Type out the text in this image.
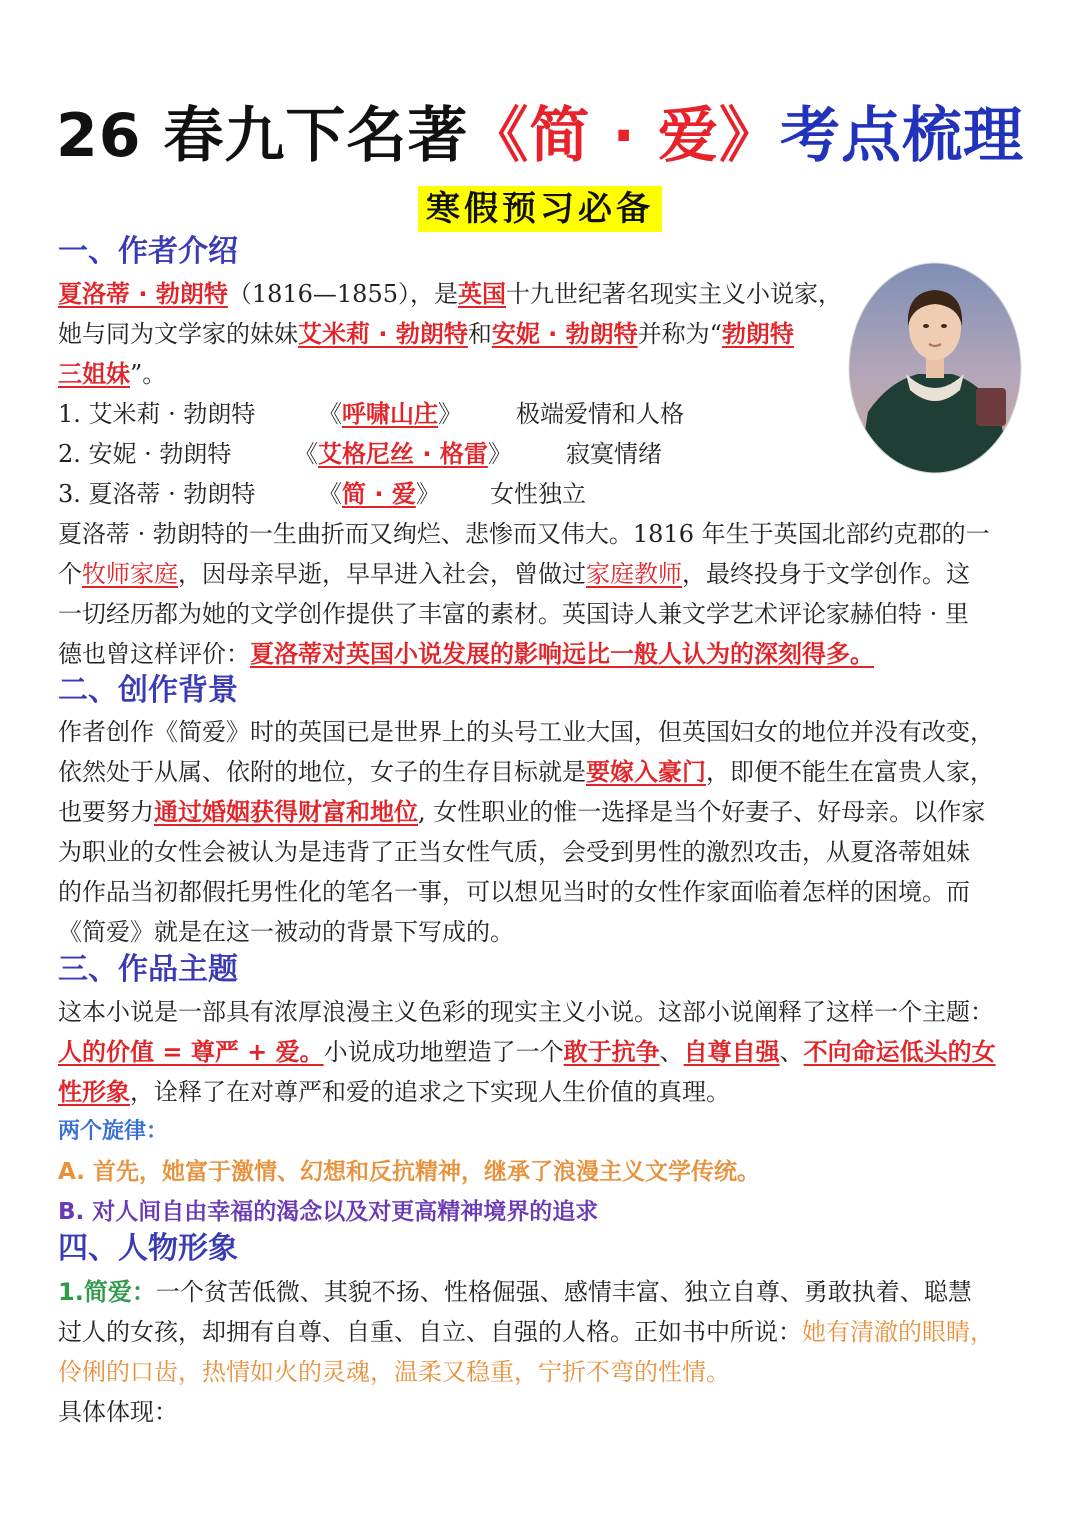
26 春九下名著《简 · 爱》考点梳理
寒假预习必备
一、作者介绍
夏洛蒂 · 勃朗特（1816—1855），是英国十九世纪著名现实主义小说家，
她与同为文学家的妹妹艾米莉 · 勃朗特和安妮 · 勃朗特并称为“勃朗特
三姐妹”。
1. 艾米莉 · 勃朗特	《呼啸山庄》 极端爱情和人格
2. 安妮 · 勃朗特	《艾格尼丝 · 格雷》 寂寞情绪
3. 夏洛蒂 · 勃朗特	《简 · 爱》 女性独立
夏洛蒂 · 勃朗特的一生曲折而又绚烂、悲惨而又伟大。1816 年生于英国北部约克郡的一
个牧师家庭，因母亲早逝，早早进入社会，曾做过家庭教师，最终投身于文学创作。这
一切经历都为她的文学创作提供了丰富的素材。英国诗人兼文学艺术评论家赫伯特 · 里
德也曾这样评价：夏洛蒂对英国小说发展的影响远比一般人认为的深刻得多。
二、创作背景
作者创作《简爱》时的英国已是世界上的头号工业大国，但英国妇女的地位并没有改变，
依然处于从属、依附的地位，女子的生存目标就是要嫁入豪门，即便不能生在富贵人家，
也要努力通过婚姻获得财富和地位, 女性职业的惟一选择是当个好妻子、好母亲。以作家
为职业的女性会被认为是违背了正当女性气质，会受到男性的激烈攻击，从夏洛蒂姐妹
的作品当初都假托男性化的笔名一事，可以想见当时的女性作家面临着怎样的困境。而
《简爱》就是在这一被动的背景下写成的。
三、作品主题
这本小说是一部具有浓厚浪漫主义色彩的现实主义小说。这部小说阐释了这样一个主题：
人的价值 = 尊严 + 爱。小说成功地塑造了一个敢于抗争、自尊自强、不向命运低头的女
性形象，诠释了在对尊严和爱的追求之下实现人生价值的真理。
两个旋律：
A. 首先，她富于激情、幻想和反抗精神，继承了浪漫主义文学传统。
B. 对人间自由幸福的渴念以及对更高精神境界的追求
四、人物形象
1.简爱：一个贫苦低微、其貌不扬、性格倔强、感情丰富、独立自尊、勇敢执着、聪慧
过人的女孩，却拥有自尊、自重、自立、自强的人格。正如书中所说：她有清澈的眼睛，
伶俐的口齿，热情如火的灵魂，温柔又稳重，宁折不弯的性情。
具体体现：
